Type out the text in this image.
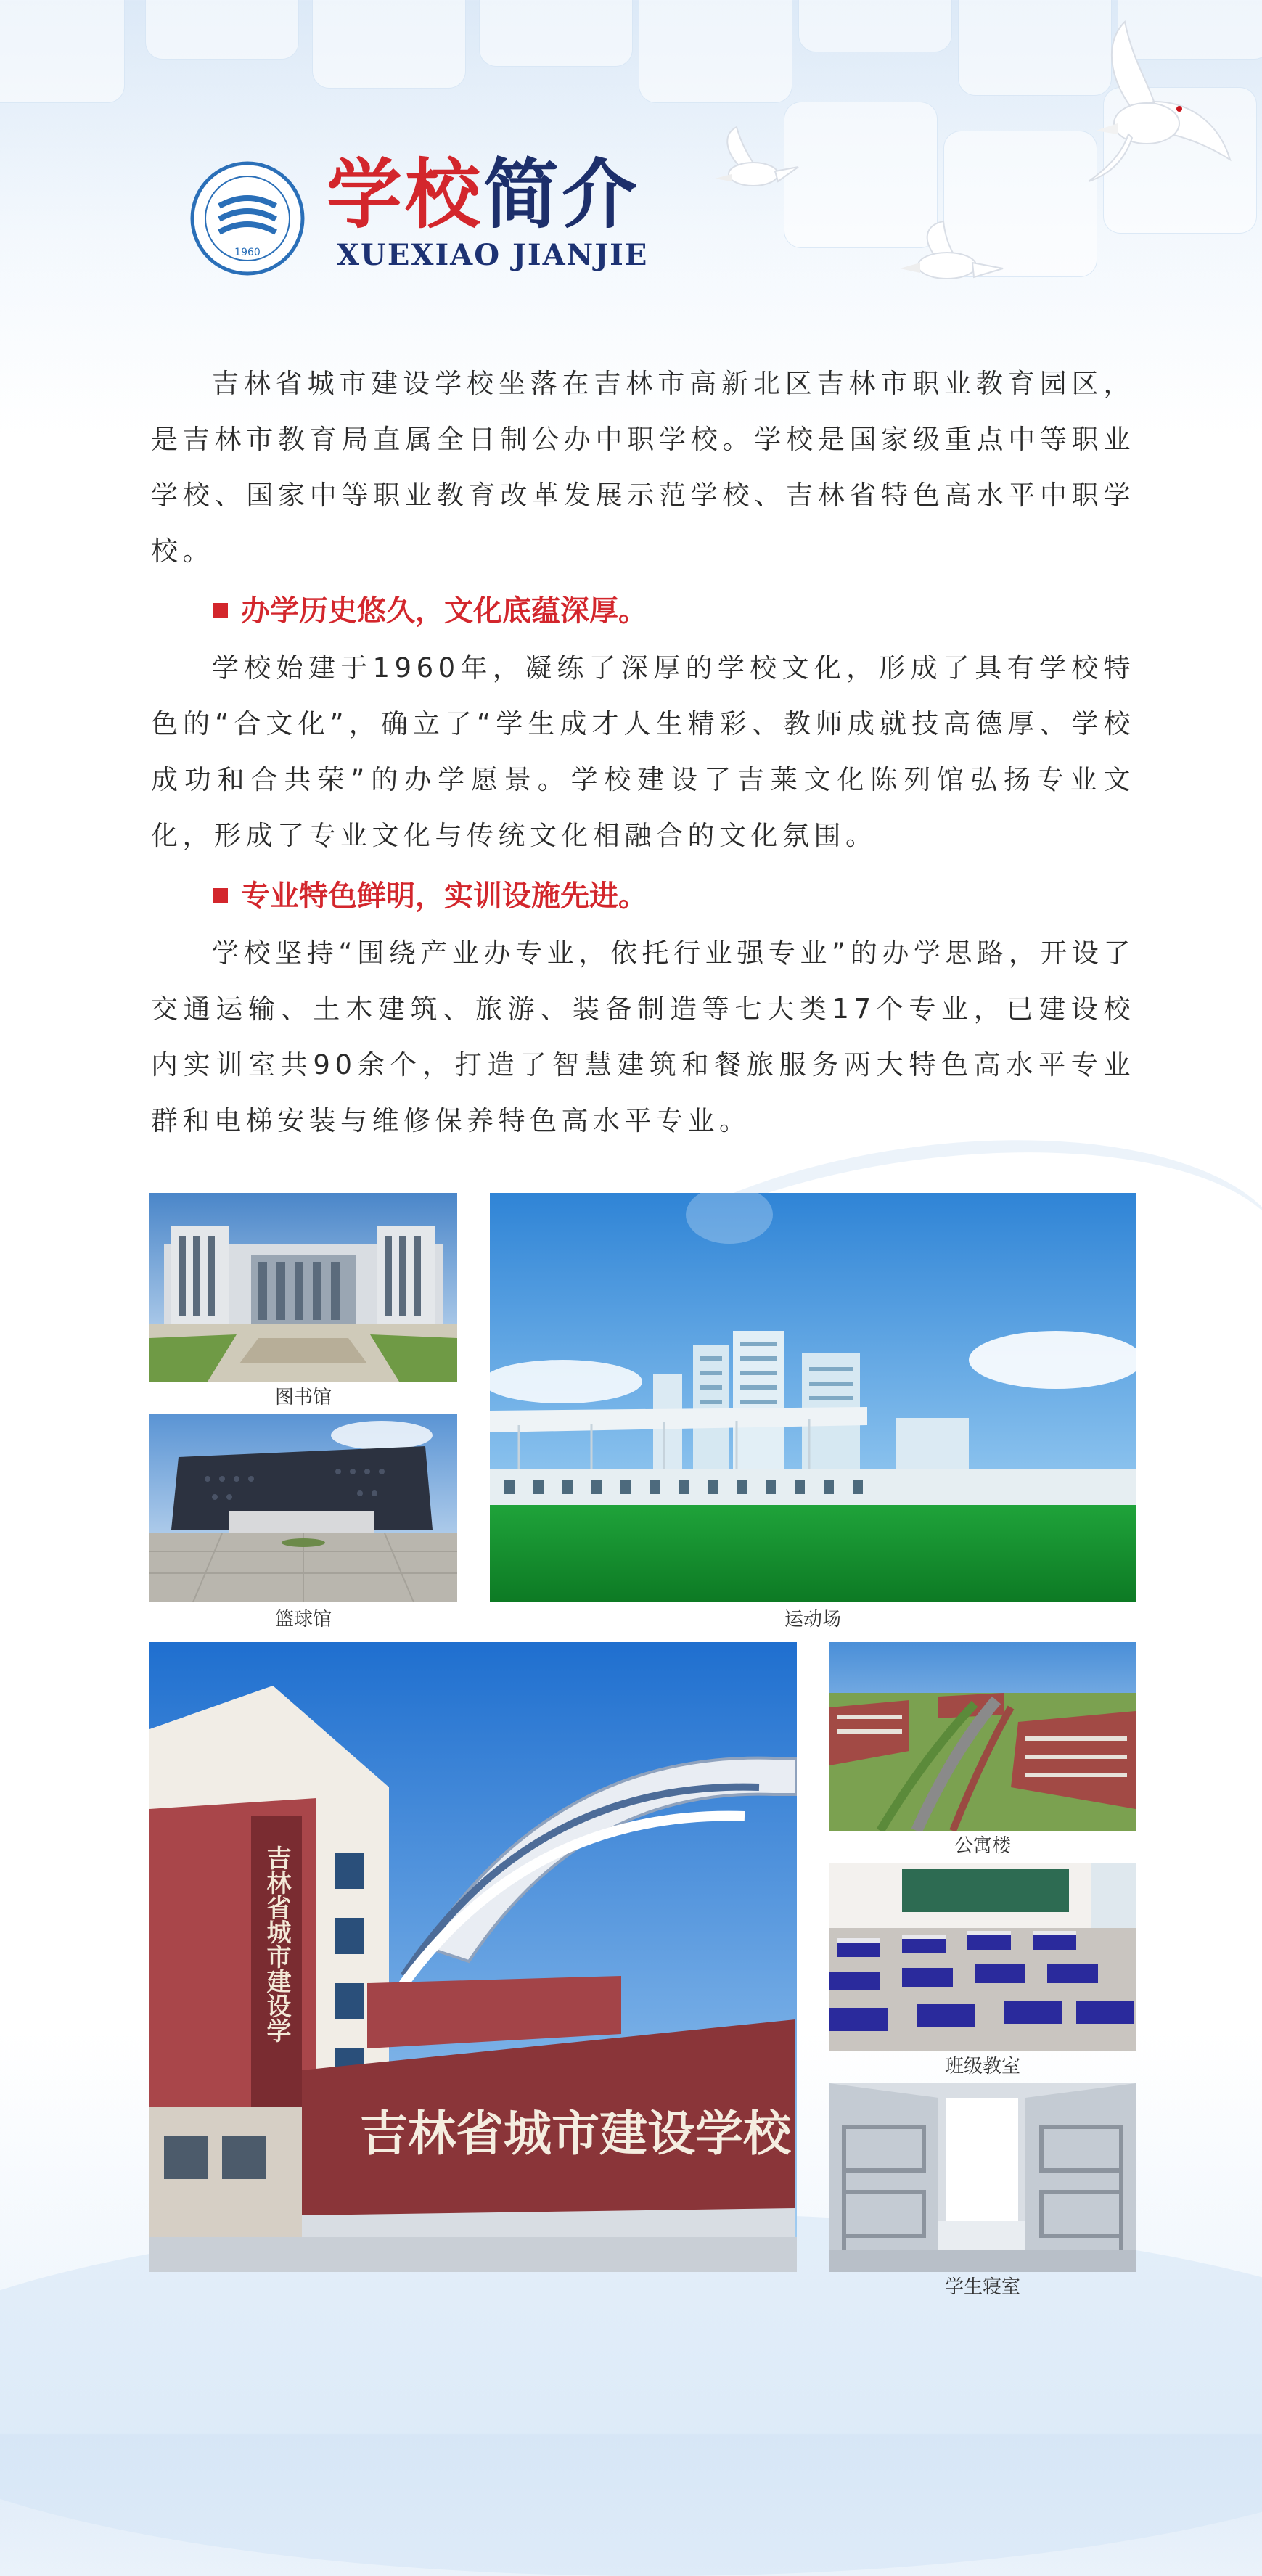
1960
学校简介

XUEXIAO JIANJIE

吉林省城市建设学校坐落在吉林市高新北区吉林市职业教育园区，是吉林市教育局直属全日制公办中职学校。学校是国家级重点中等职业学校、国家中等职业教育改革发展示范学校、吉林省特色高水平中职学校。

办学历史悠久，文化底蕴深厚。

学校始建于1960年，凝练了深厚的学校文化，形成了具有学校特色的“合文化”，确立了“学生成才人生精彩、教师成就技高德厚、学校成功和合共荣”的办学愿景。学校建设了吉莱文化陈列馆弘扬专业文化，形成了专业文化与传统文化相融合的文化氛围。

专业特色鲜明，实训设施先进。

学校坚持“围绕产业办专业，依托行业强专业”的办学思路，开设了交通运输、土木建筑、旅游、装备制造等七大类17个专业，已建设校内实训室共90余个，打造了智慧建筑和餐旅服务两大特色高水平专业群和电梯安装与维修保养特色高水平专业。

图书馆

篮球馆	运动场

吉林省城市建设学
吉林省城市建设学校

公寓楼

班级教室

学生寝室
